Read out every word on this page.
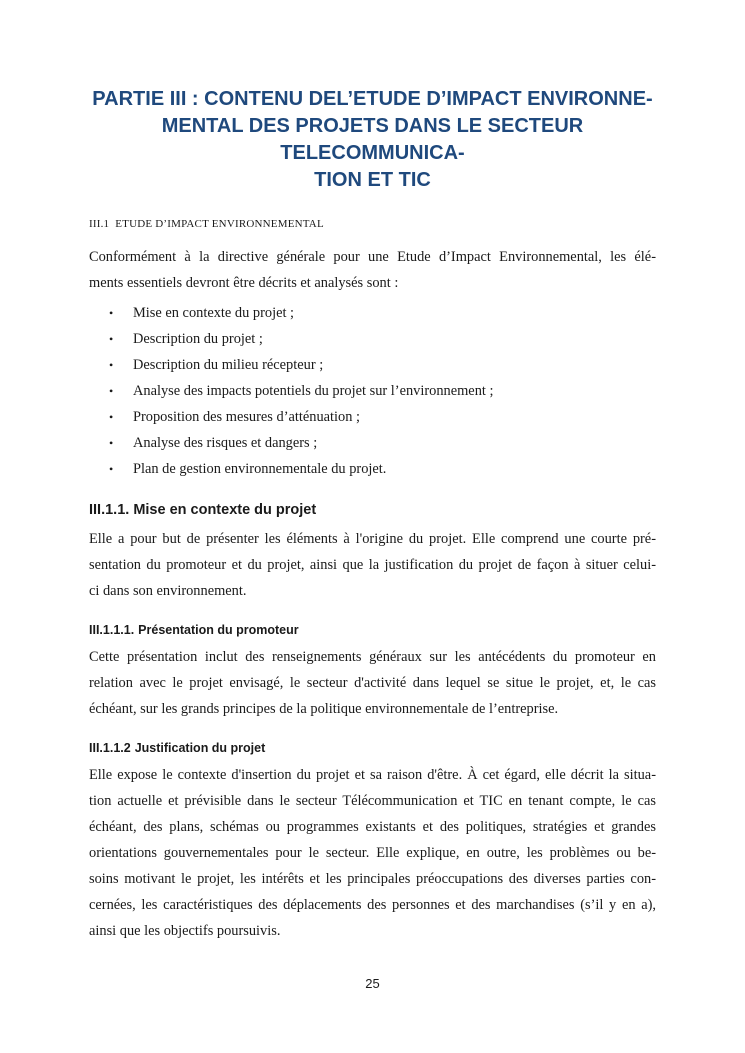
PARTIE III : CONTENU DEL’ETUDE D’IMPACT ENVIRONNE-
MENTAL DES PROJETS DANS LE SECTEUR TELECOMMUNICA-
TION ET TIC
III.1 ETUDE D’IMPACT ENVIRONNEMENTAL

Conformément à la directive générale pour une Etude d’Impact Environnemental, les élé-
ments essentiels devront être décrits et analysés sont :

• Mise en contexte du projet ;
• Description du projet ;
• Description du milieu récepteur ;
• Analyse des impacts potentiels du projet sur l’environnement ;
• Proposition des mesures d’atténuation ;
• Analyse des risques et dangers ;
• Plan de gestion environnementale du projet.
III.1.1. Mise en contexte du projet

Elle a pour but de présenter les éléments à l'origine du projet. Elle comprend une courte pré-
sentation du promoteur et du projet, ainsi que la justification du projet de façon à situer celui-
ci dans son environnement.

III.1.1.1. Présentation du promoteur

Cette présentation inclut des renseignements généraux sur les antécédents du promoteur en
relation avec le projet envisagé, le secteur d'activité dans lequel se situe le projet, et, le cas
échéant, sur les grands principes de la politique environnementale de l’entreprise.

III.1.1.2 Justification du projet

Elle expose le contexte d'insertion du projet et sa raison d'être. À cet égard, elle décrit la situa-
tion actuelle et prévisible dans le secteur Télécommunication et TIC en tenant compte, le cas
échéant, des plans, schémas ou programmes existants et des politiques, stratégies et grandes
orientations gouvernementales pour le secteur. Elle explique, en outre, les problèmes ou be-
soins motivant le projet, les intérêts et les principales préoccupations des diverses parties con-
cernées, les caractéristiques des déplacements des personnes et des marchandises (s’il y en a),
ainsi que les objectifs poursuivis.

25
